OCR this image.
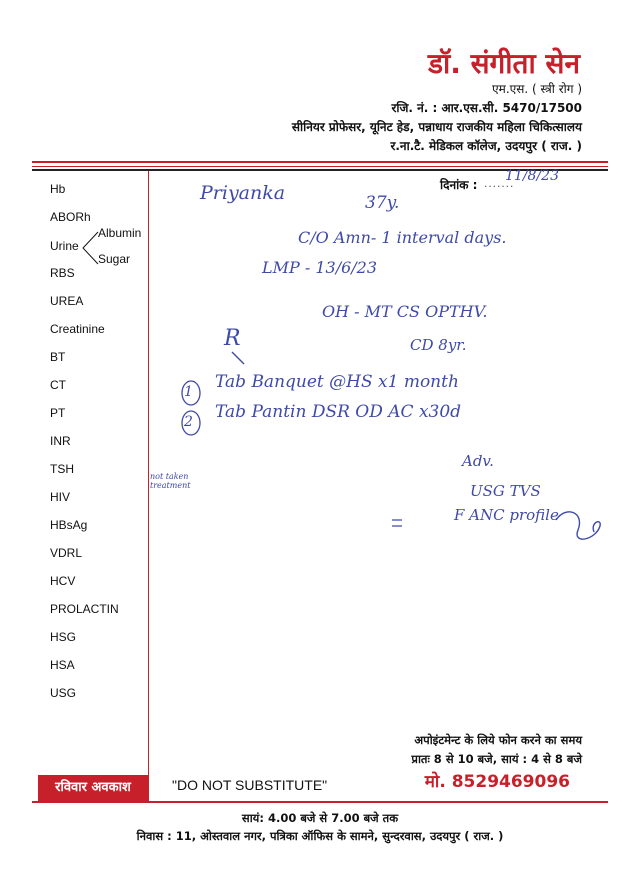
डॉ. संगीता सेन
एम.एस. ( स्त्री रोग )
रजि. नं. : आर.एस.सी. 5470/17500
सीनियर प्रोफेसर, यूनिट हेड, पन्नाधाय राजकीय महिला चिकित्सालय
र.ना.टै. मेडिकल कॉलेज, उदयपुर ( राज. )
दिनांक : .......
Hb
ABORh
Urine
Albumin
Sugar
RBS
UREA
Creatinine
BT
CT
PT
INR
TSH
HIV
HBsAg
VDRL
HCV
PROLACTIN
HSG
HSA
USG
11/8/23
Priyanka	37y.
C/O Amn- 1 interval days.
LMP - 13/6/23
OH - MT CS OPTHV.
CD 8yr.
R
1 Tab Banquet @HS x1 month
2 Tab Pantin DSR OD AC x30d
not taken treatment
Adv.
USG TVS
F ANC profile
अपोइंटमेन्ट के लिये फोन करने का समय
प्रातः 8 से 10 बजे, सायं : 4 से 8 बजे
मो. 8529469096
रविवार अवकाश	"DO NOT SUBSTITUTE"
सायं: 4.00 बजे से 7.00 बजे तक
निवास : 11, ओस्तवाल नगर, पत्रिका ऑफिस के सामने, सुन्दरवास, उदयपुर ( राज. )
